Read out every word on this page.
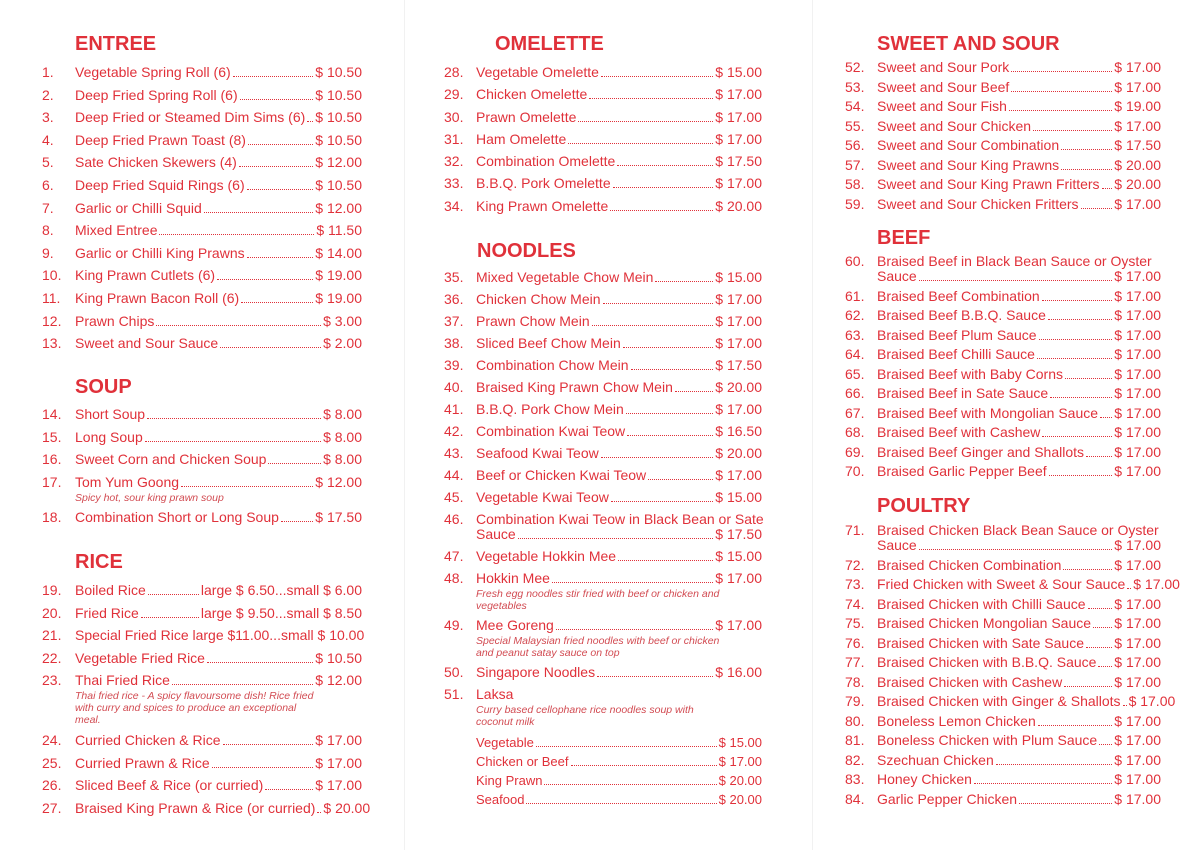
ENTREE
1.	Vegetable Spring Roll (6)	$ 10.50
2.	Deep Fried Spring Roll (6)	$ 10.50
3.	Deep Fried or Steamed Dim Sims (6) $ 10.50
4.	Deep Fried Prawn Toast (8)	$ 10.50
5.	Sate Chicken Skewers (4)	$ 12.00
6.	Deep Fried Squid Rings (6)	$ 10.50
7.	Garlic or Chilli Squid	$ 12.00
8.	Mixed Entree	$ 11.50
9.	Garlic or Chilli King Prawns	$ 14.00
10. King Prawn Cutlets (6)	$ 19.00
11.	King Prawn Bacon Roll (6)	$ 19.00
12. Prawn Chips	$ 3.00
13. Sweet and Sour Sauce	$ 2.00
SOUP
14. Short Soup	$ 8.00
15. Long Soup	$ 8.00
16. Sweet Corn and Chicken Soup	$ 8.00
17. Tom Yum Goong	$ 12.00
Spicy hot, sour king prawn soup
18. Combination Short or Long Soup	$ 17.50
RICE
19. Boiled Rice	large $ 6.50...small $ 6.00
20. Fried Rice	large $ 9.50...small $ 8.50
21. Special Fried Rice large $11.00...small $ 10.00
22. Vegetable Fried Rice	$ 10.50
23. Thai Fried Rice	$ 12.00
Thai fried rice - A spicy flavoursome dish! Rice fried with curry and spices to produce an exceptional meal.
24. Curried Chicken & Rice	$ 17.00
25. Curried Prawn & Rice	$ 17.00
26. Sliced Beef & Rice (or curried)	$ 17.00
27. Braised King Prawn & Rice (or curried) $ 20.00
OMELETTE
28. Vegetable Omelette	$ 15.00
29. Chicken Omelette	$ 17.00
30. Prawn Omelette	$ 17.00
31. Ham Omelette	$ 17.00
32. Combination Omelette	$ 17.50
33. B.B.Q. Pork Omelette	$ 17.00
34. King Prawn Omelette	$ 20.00
NOODLES
35. Mixed Vegetable Chow Mein	$ 15.00
36. Chicken Chow Mein	$ 17.00
37. Prawn Chow Mein	$ 17.00
38. Sliced Beef Chow Mein	$ 17.00
39. Combination Chow Mein	$ 17.50
40. Braised King Prawn Chow Mein	$ 20.00
41. B.B.Q. Pork Chow Mein	$ 17.00
42. Combination Kwai Teow	$ 16.50
43. Seafood Kwai Teow	$ 20.00
44. Beef or Chicken Kwai Teow	$ 17.00
45. Vegetable Kwai Teow	$ 15.00
46. Combination Kwai Teow in Black Bean or Sate
Sauce	$ 17.50
47. Vegetable Hokkin Mee	$ 15.00
48. Hokkin Mee	$ 17.00
Fresh egg noodles stir fried with beef or chicken and vegetables
49. Mee Goreng	$ 17.00
Special Malaysian fried noodles with beef or chicken and peanut satay sauce on top
50. Singapore Noodles	$ 16.00
51. Laksa
Curry based cellophane rice noodles soup with coconut milk
Vegetable	$ 15.00
Chicken or Beef	$ 17.00
King Prawn	$ 20.00
Seafood	$ 20.00
SWEET AND SOUR
52. Sweet and Sour Pork	$ 17.00
53. Sweet and Sour Beef	$ 17.00
54. Sweet and Sour Fish	$ 19.00
55. Sweet and Sour Chicken	$ 17.00
56. Sweet and Sour Combination	$ 17.50
57. Sweet and Sour King Prawns	$ 20.00
58. Sweet and Sour King Prawn Fritters $ 20.00
59. Sweet and Sour Chicken Fritters	$ 17.00
BEEF
60. Braised Beef in Black Bean Sauce or Oyster
Sauce	$ 17.00
61. Braised Beef Combination	$ 17.00
62. Braised Beef B.B.Q. Sauce	$ 17.00
63. Braised Beef Plum Sauce	$ 17.00
64. Braised Beef Chilli Sauce	$ 17.00
65. Braised Beef with Baby Corns	$ 17.00
66. Braised Beef in Sate Sauce	$ 17.00
67. Braised Beef with Mongolian Sauce $ 17.00
68. Braised Beef with Cashew	$ 17.00
69. Braised Beef Ginger and Shallots $ 17.00
70. Braised Garlic Pepper Beef	$ 17.00
POULTRY
71. Braised Chicken Black Bean Sauce or Oyster
Sauce	$ 17.00
72. Braised Chicken Combination	$ 17.00
73. Fried Chicken with Sweet & Sour Sauce $ 17.00
74. Braised Chicken with Chilli Sauce $ 17.00
75. Braised Chicken Mongolian Sauce $ 17.00
76. Braised Chicken with Sate Sauce $ 17.00
77. Braised Chicken with B.B.Q. Sauce $ 17.00
78. Braised Chicken with Cashew	$ 17.00
79. Braised Chicken with Ginger & Shallots $ 17.00
80. Boneless Lemon Chicken	$ 17.00
81. Boneless Chicken with Plum Sauce $ 17.00
82. Szechuan Chicken	$ 17.00
83. Honey Chicken	$ 17.00
84. Garlic Pepper Chicken	$ 17.00
